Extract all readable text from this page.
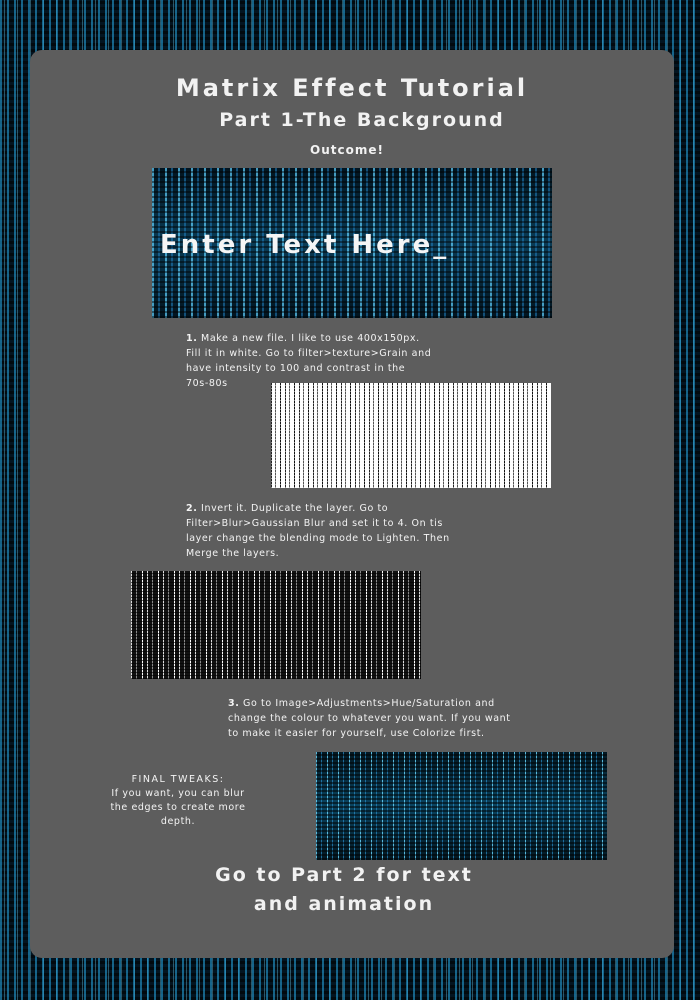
Matrix Effect Tutorial
Part 1-The Background
Outcome!
Enter Text Here_
1. Make a new file. I like to use 400x150px.
Fill it in white. Go to filter>texture>Grain and
have intensity to 100 and contrast in the
70s-80s
2. Invert it. Duplicate the layer. Go to
Filter>Blur>Gaussian Blur and set it to 4. On tis
layer change the blending mode to Lighten. Then
Merge the layers.
3. Go to Image>Adjustments>Hue/Saturation and
change the colour to whatever you want. If you want
to make it easier for yourself, use Colorize first.
FINAL TWEAKS:
If you want, you can blur
the edges to create more
depth.
Go to Part 2 for text
and animation
